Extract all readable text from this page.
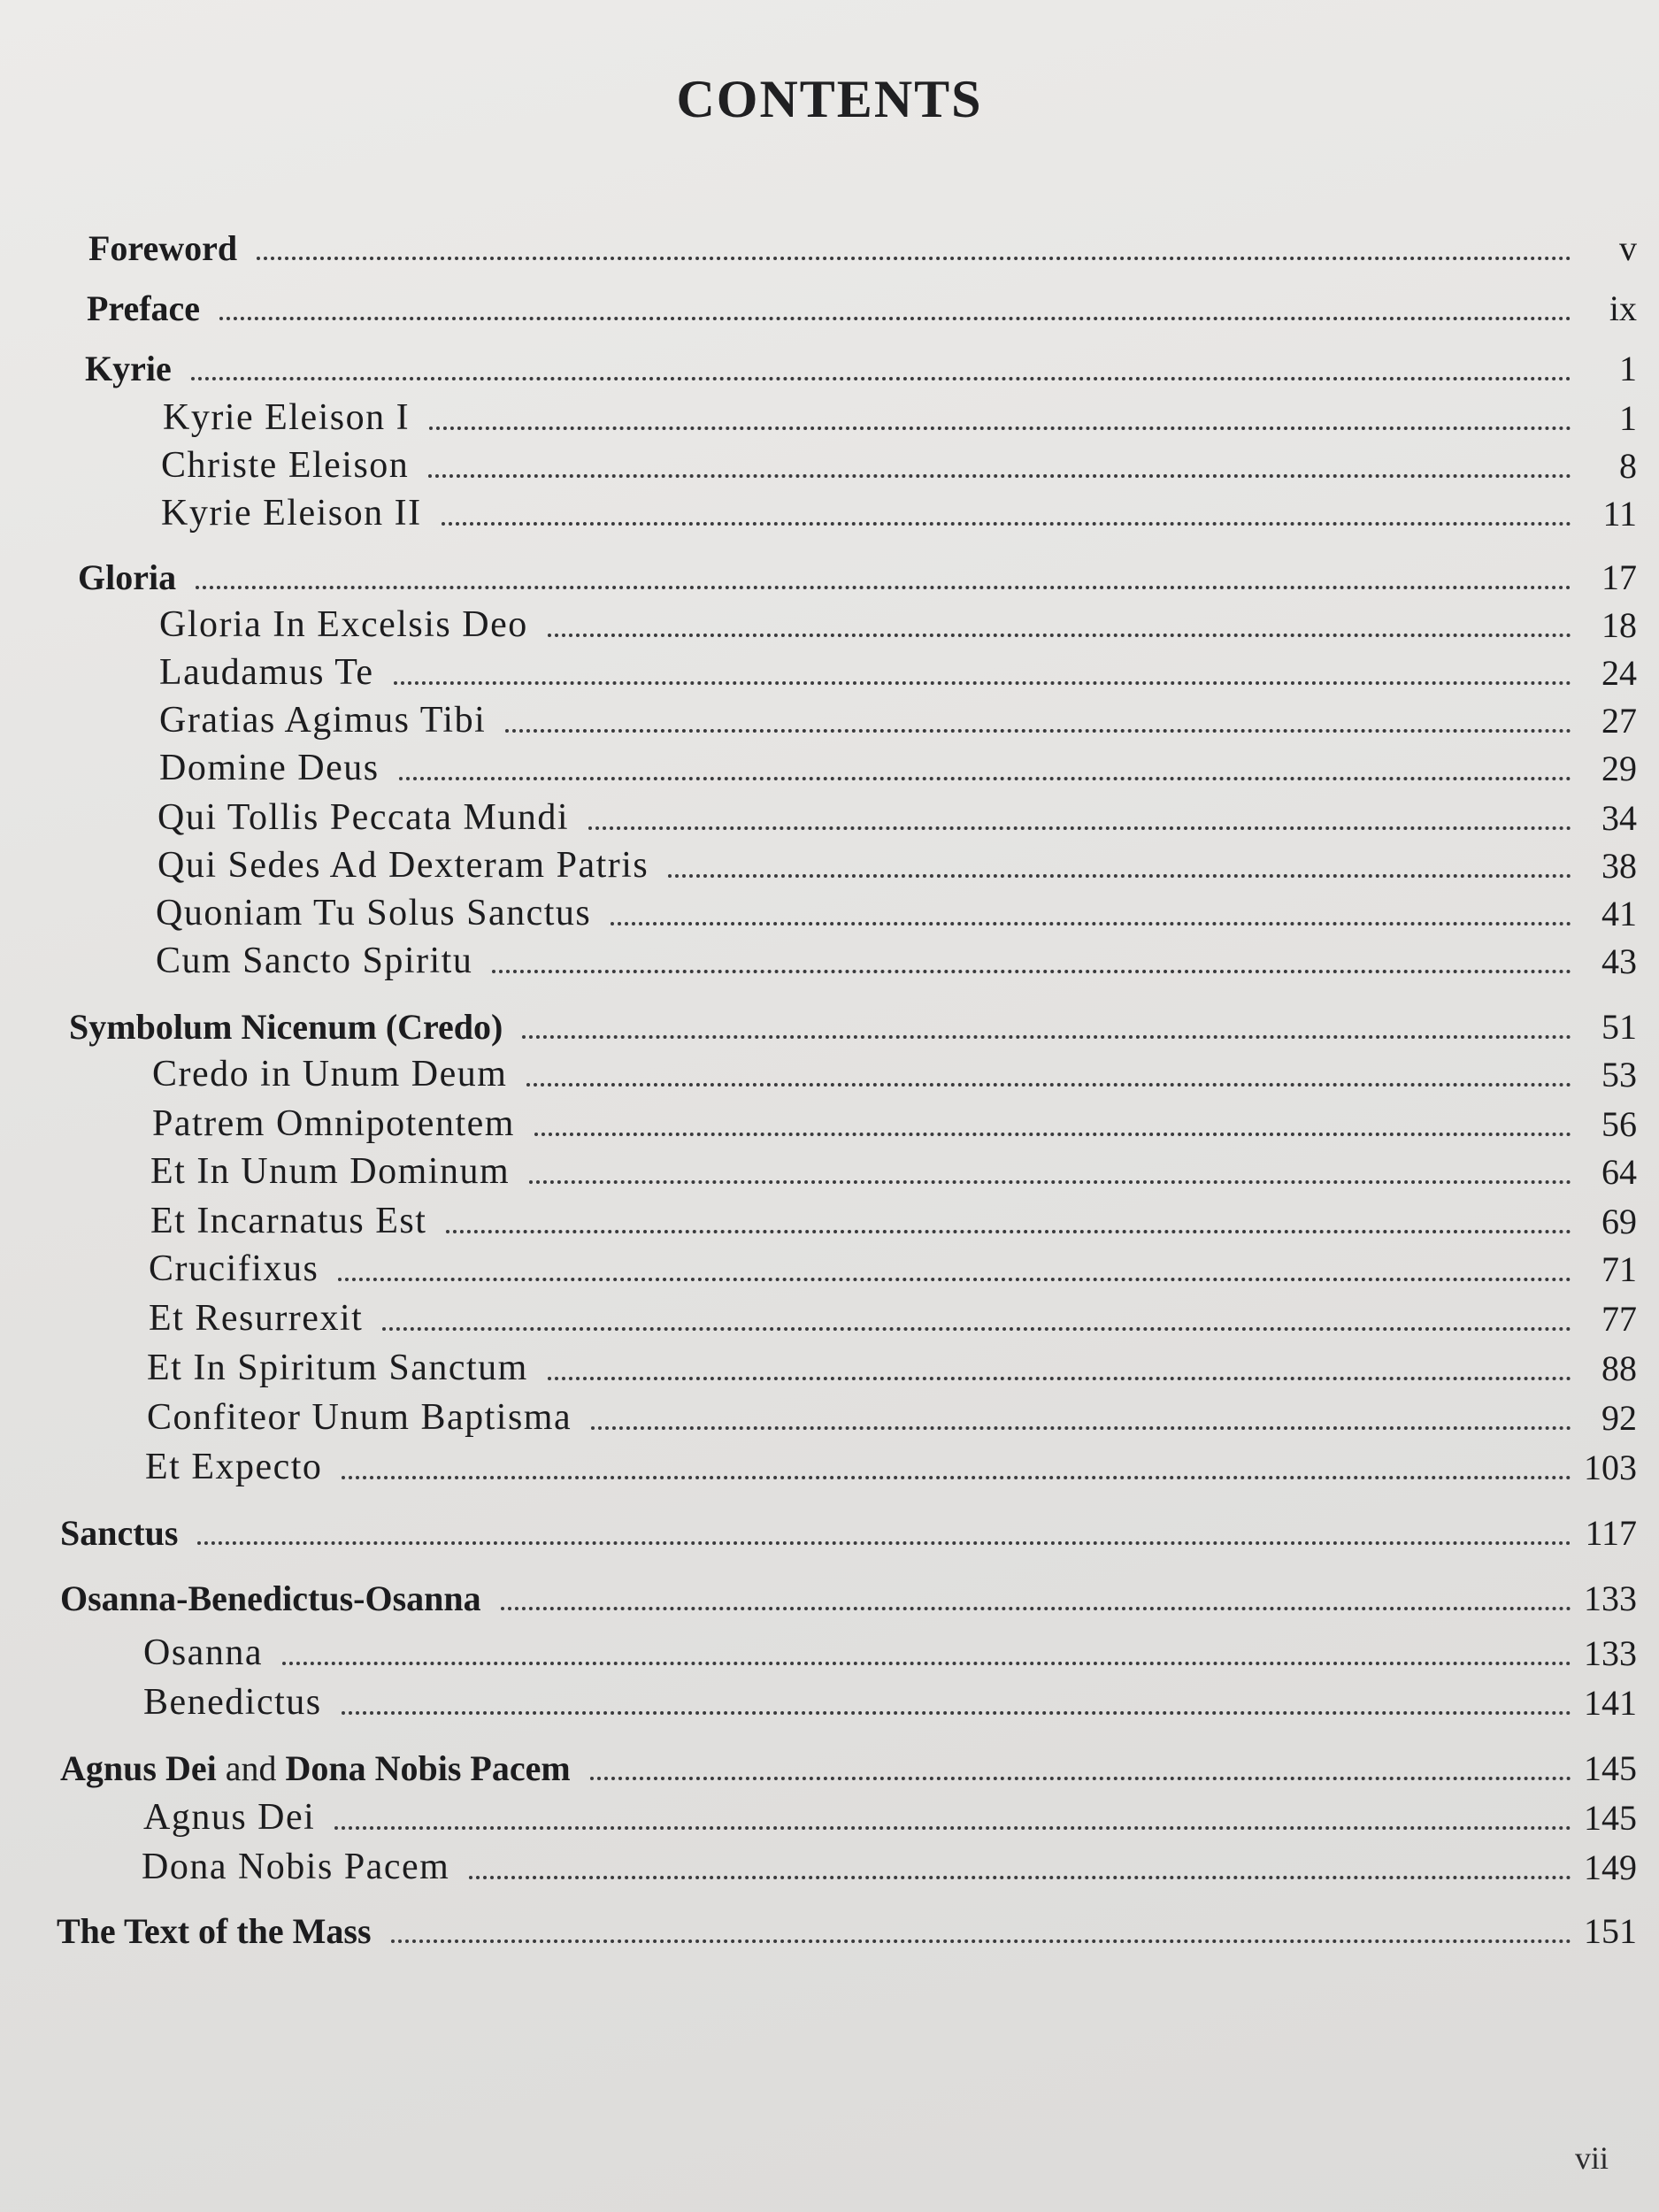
CONTENTS
Foreword	v
Preface	ix
Kyrie	1
Kyrie Eleison I	1
Christe Eleison	8
Kyrie Eleison II	11
Gloria	17
Gloria In Excelsis Deo	18
Laudamus Te	24
Gratias Agimus Tibi	27
Domine Deus	29
Qui Tollis Peccata Mundi	34
Qui Sedes Ad Dexteram Patris	38
Quoniam Tu Solus Sanctus	41
Cum Sancto Spiritu	43
Symbolum Nicenum (Credo)	51
Credo in Unum Deum	53
Patrem Omnipotentem	56
Et In Unum Dominum	64
Et Incarnatus Est	69
Crucifixus	71
Et Resurrexit	77
Et In Spiritum Sanctum	88
Confiteor Unum Baptisma	92
Et Expecto	103
Sanctus	117
Osanna-Benedictus-Osanna	133
Osanna	133
Benedictus	141
Agnus Dei and Dona Nobis Pacem	145
Agnus Dei	145
Dona Nobis Pacem	149
The Text of the Mass	151
vii
